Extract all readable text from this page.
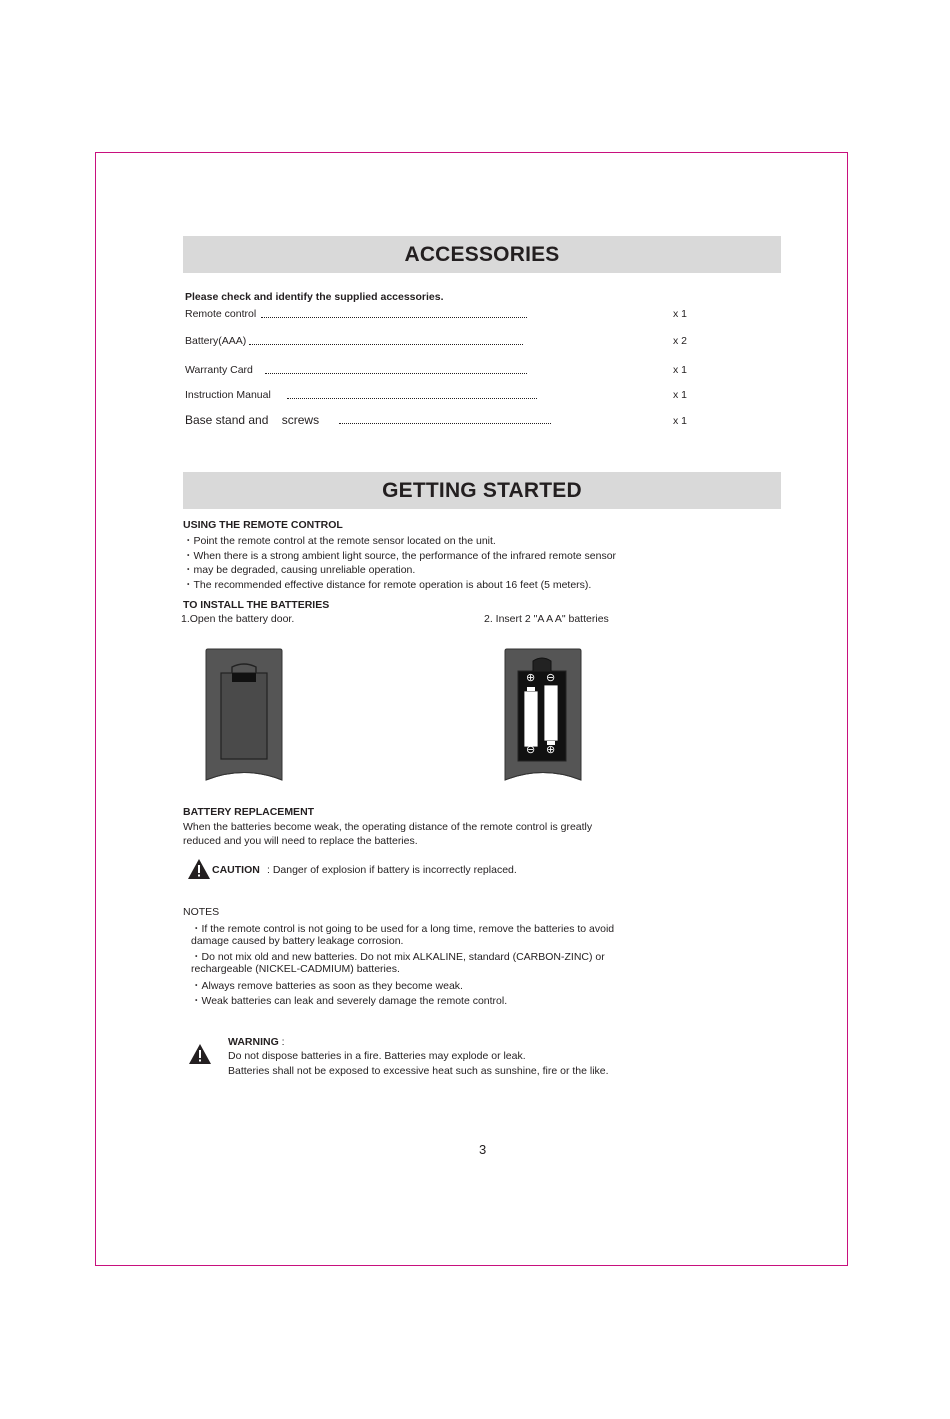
ACCESSORIES
Please check and identify the supplied accessories.
Remote control	x 1
Battery(AAA)	x 2
Warranty Card	x 1
Instruction Manual	x 1
Base stand and    screws	x 1
GETTING STARTED
USING THE REMOTE CONTROL
・Point the remote control at the remote sensor located on the unit.
・When there is a strong ambient light source, the performance of the infrared remote sensor
・may be degraded, causing unreliable operation.
・The recommended effective distance for remote operation is about 16 feet (5 meters).
TO INSTALL THE BATTERIES
1.Open the battery door.	2. Insert 2 "A A A" batteries
⊕ ⊖
⊖ ⊕
BATTERY REPLACEMENT
When the batteries become weak, the operating distance of the remote control is greatly
reduced and you will need to replace the batteries.
CAUTION : Danger of explosion if battery is incorrectly replaced.
NOTES
・If the remote control is not going to be used for a long time, remove the batteries to avoid
damage caused by battery leakage corrosion.
・Do not mix old and new batteries. Do not mix ALKALINE, standard (CARBON-ZINC) or
rechargeable (NICKEL-CADMIUM) batteries.
・Always remove batteries as soon as they become weak.
・Weak batteries can leak and severely damage the remote control.
WARNING :
Do not dispose batteries in a fire. Batteries may explode or leak.
Batteries shall not be exposed to excessive heat such as sunshine, fire or the like.
3
